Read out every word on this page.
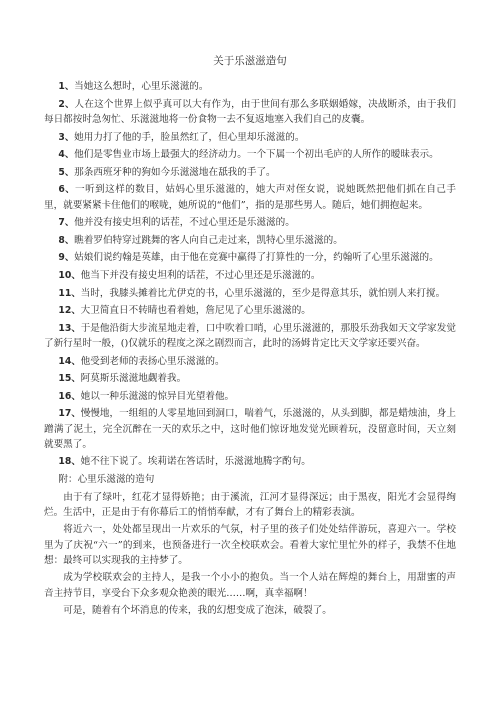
关于乐滋滋造句
1、当她这么想时，心里乐滋滋的。
2、人在这个世界上似乎真可以大有作为，由于世间有那么多联姻婚嫁，决战断杀，由于我们每日都按时急匆忙、乐滋滋地将一份食物一去不复返地塞入我们自己的皮囊。
3、她用力打了他的手，脸虽然红了，但心里却乐滋滋的。
4、他们是零售业市场上最强大的经济动力。一个下属一个初出毛庐的人所作的暧昧表示。
5、那条西班牙种的狗如今乐滋滋地在舐我的手了。
6、一听到这样的数目，姑妈心里乐滋滋的，她大声对侄女说，说她既然把他们抓在自己手里，就要紧紧卡住他们的喉咙，她所说的“他们”，指的是那些男人。随后，她们拥抱起来。
7、他并没有接史坦利的话茬，不过心里还是乐滋滋的。
8、瞧着罗伯特穿过跳舞的客人向自己走过来，凯特心里乐滋滋的。
9、姑娘们说约翰是英雄，由于他在竞赛中赢得了打算性的一分，约翰听了心里乐滋滋的。
10、他当下并没有接史坦利的话茬，不过心里还是乐滋滋的。
11、当时，我膝头摊着比尤伊克的书，心里乐滋滋的，至少是得意其乐，就怕别人来打搅。
12、大卫简直日不转睛也看着她，詹尼见了心里乐滋滋的。
13、于是他沿街大步流星地走着，口中吹着口哨，心里乐滋滋的，那股乐劲我如天文学家发觉了新行星时一般，()仅就乐的程度之深之剧烈而言，此时的汤姆肯定比天文学家还要兴奋。
14、他受到老师的表扬心里乐滋滋的。
15、阿莫斯乐滋滋地觑着我。
16、她以一种乐滋滋的惊异目光望着他。
17、慢慢地，一组组的人零星地回到洞口，喘着气，乐滋滋的，从头到脚，都是蜡烛油，身上蹭满了泥土，完全沉醉在一天的欢乐之中，这时他们惊讶地发觉光顾着玩，没留意时间，天立刻就要黑了。
18、她不往下说了。埃莉诺在答话时，乐滋滋地腾字酌句。
附：心里乐滋滋的造句
由于有了绿叶，红花才显得娇艳；由于溪流，江河才显得深远；由于黑夜，阳光才会显得绚烂。生活中，正是由于有你幕后工的悄悄奉献，才有了舞台上的精彩表演。
将近六一，处处都呈现出一片欢乐的气氛，村子里的孩子们处处结伴游玩，喜迎六一。学校里为了庆祝“六一”的到来，也预备进行一次全校联欢会。看着大家忙里忙外的样子，我禁不住地想：最终可以实现我的主持梦了。
成为学校联欢会的主持人，是我一个小小的抱负。当一个人站在辉煌的舞台上，用甜蜜的声音主持节目，享受台下众多观众艳羡的眼光……啊，真幸福啊！
可是，随着有个坏消息的传来，我的幻想变成了泡沫，破裂了。
